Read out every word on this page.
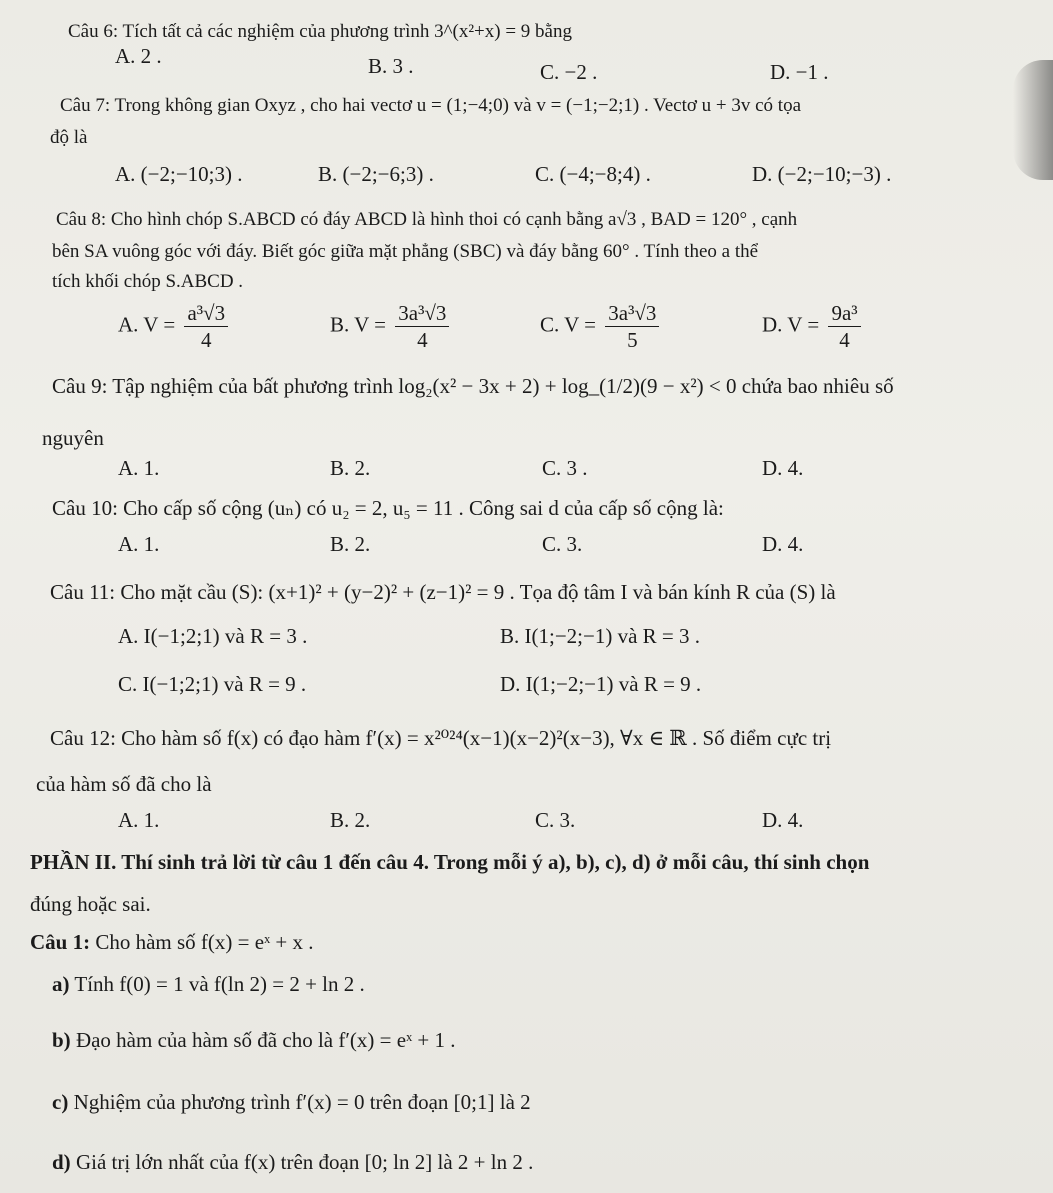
Câu 6: Tích tất cả các nghiệm của phương trình 3^(x²+x) = 9 bằng
A. 2 .	B. 3 .	C. −2 .	D. −1 .
Câu 7: Trong không gian Oxyz , cho hai vectơ u = (1;−4;0) và v = (−1;−2;1) . Vectơ u + 3v có tọa
độ là
A. (−2;−10;3) .	B. (−2;−6;3) .	C. (−4;−8;4) .	D. (−2;−10;−3) .
Câu 8: Cho hình chóp S.ABCD có đáy ABCD là hình thoi có cạnh bằng a√3 , BAD = 120° , cạnh
bên SA vuông góc với đáy. Biết góc giữa mặt phẳng (SBC) và đáy bằng 60° . Tính theo a thể
tích khối chóp S.ABCD .
A. $V = \frac{\text{a³√3}}{4}$	B. $V = \frac{\text{3a³√3}}{4}$	C. $V = \frac{\text{3a³√3}}{5}$	D. $V = \frac{\text{9a³}}{4}$
Câu 9: Tập nghiệm của bất phương trình log₂(x² − 3x + 2) + log_(1/2)(9 − x²) < 0 chứa bao nhiêu số
nguyên
A. 1.	B. 2.	C. 3 .	D. 4.
Câu 10: Cho cấp số cộng (uₙ) có u₂ = 2, u₅ = 11 . Công sai d của cấp số cộng là:
A. 1.	B. 2.	C. 3.	D. 4.
Câu 11: Cho mặt cầu (S): (x+1)² + (y−2)² + (z−1)² = 9 . Tọa độ tâm I và bán kính R của (S) là
A. I(−1;2;1) và R = 3 .	B. I(1;−2;−1) và R = 3 .
C. I(−1;2;1) và R = 9 .	D. I(1;−2;−1) và R = 9 .
Câu 12: Cho hàm số f(x) có đạo hàm f′(x) = x²⁰²⁴(x−1)(x−2)²(x−3), ∀x ∈ ℝ . Số điểm cực trị
của hàm số đã cho là
A. 1.	B. 2.	C. 3.	D. 4.
PHẦN II. Thí sinh trả lời từ câu 1 đến câu 4. Trong mỗi ý a), b), c), d) ở mỗi câu, thí sinh chọn
đúng hoặc sai.
Câu 1: Cho hàm số f(x) = eˣ + x .
a) Tính f(0) = 1 và f(ln 2) = 2 + ln 2 .
b) Đạo hàm của hàm số đã cho là f′(x) = eˣ + 1 .
c) Nghiệm của phương trình f′(x) = 0 trên đoạn [0;1] là 2
d) Giá trị lớn nhất của f(x) trên đoạn [0; ln 2] là 2 + ln 2 .
